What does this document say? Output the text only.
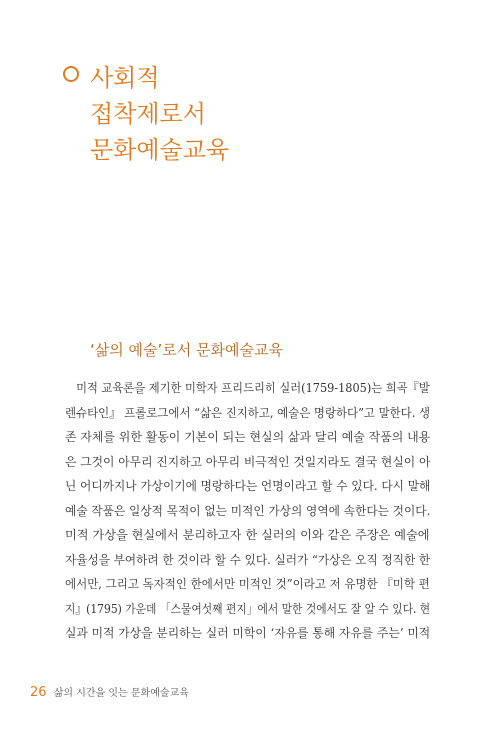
사회적
접착제로서
문화예술교육
‘삶의 예술’로서 문화예술교육
미적 교육론을 제기한 미학자 프리드리히 실러(1759-1805)는 희곡『발
렌슈타인』 프롤로그에서 “삶은 진지하고, 예술은 명랑하다”고 말한다. 생
존 자체를 위한 활동이 기본이 되는 현실의 삶과 달리 예술 작품의 내용
은 그것이 아무리 진지하고 아무리 비극적인 것일지라도 결국 현실이 아
닌 어디까지나 가상이기에 명랑하다는 언명이라고 할 수 있다. 다시 말해
예술 작품은 일상적 목적이 없는 미적인 가상의 영역에 속한다는 것이다.
미적 가상을 현실에서 분리하고자 한 실러의 이와 같은 주장은 예술에
자율성을 부여하려 한 것이라 할 수 있다. 실러가 “가상은 오직 정직한 한
에서만, 그리고 독자적인 한에서만 미적인 것”이라고 저 유명한 『미학 편
지』(1795) 가운데 「스물여섯째 편지」에서 말한 것에서도 잘 알 수 있다. 현
실과 미적 가상을 분리하는 실러 미학이 ‘자유를 통해 자유를 주는’ 미적
26 삶의 시간을 잇는 문화예술교육
